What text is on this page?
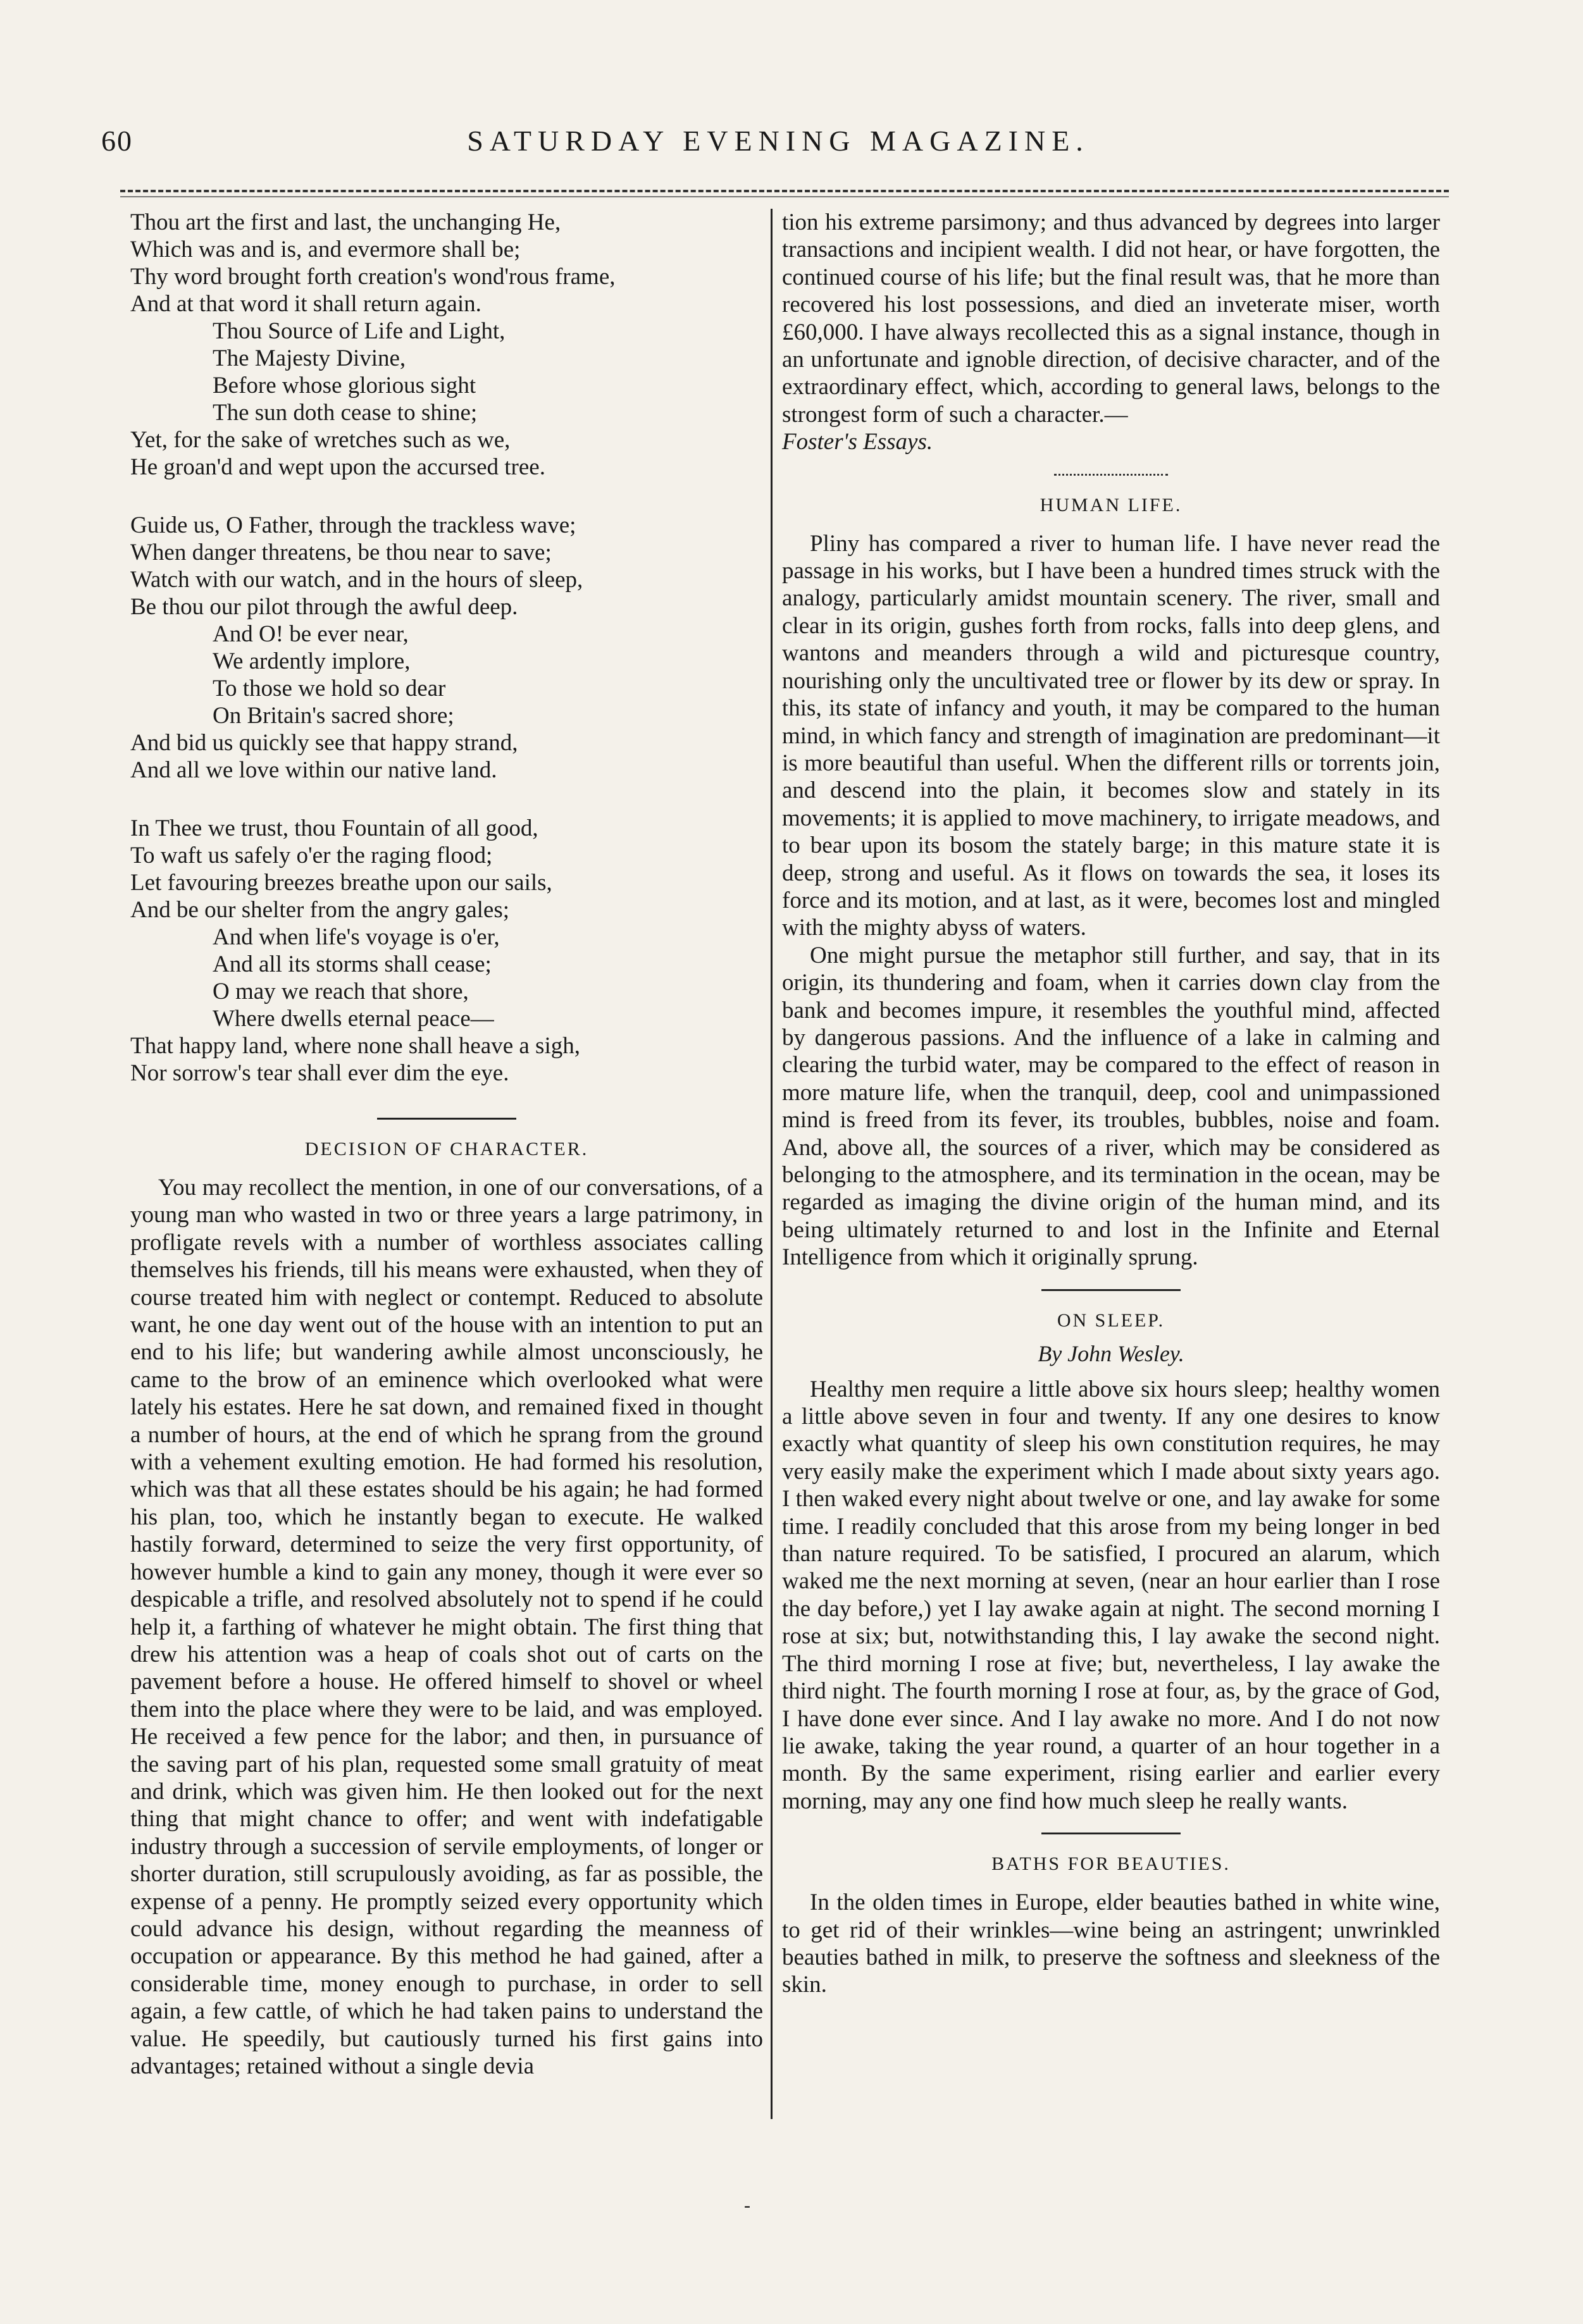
60	SATURDAY EVENING MAGAZINE.
Thou art the first and last, the unchanging He,
Which was and is, and evermore shall be;
Thy word brought forth creation's wond'rous frame,
And at that word it shall return again.
Thou Source of Life and Light,
The Majesty Divine,
Before whose glorious sight
The sun doth cease to shine;
Yet, for the sake of wretches such as we,
He groan'd and wept upon the accursed tree.
Guide us, O Father, through the trackless wave;
When danger threatens, be thou near to save;
Watch with our watch, and in the hours of sleep,
Be thou our pilot through the awful deep.
And O! be ever near,
We ardently implore,
To those we hold so dear
On Britain's sacred shore;
And bid us quickly see that happy strand,
And all we love within our native land.
In Thee we trust, thou Fountain of all good,
To waft us safely o'er the raging flood;
Let favouring breezes breathe upon our sails,
And be our shelter from the angry gales;
And when life's voyage is o'er,
And all its storms shall cease;
O may we reach that shore,
Where dwells eternal peace—
That happy land, where none shall heave a sigh,
Nor sorrow's tear shall ever dim the eye.
DECISION OF CHARACTER.

You may recollect the mention, in one of our conversations, of a young man who wasted in two or three years a large patrimony, in profligate revels with a number of worthless associates calling themselves his friends, till his means were exhausted, when they of course treated him with neglect or contempt. Reduced to absolute want, he one day went out of the house with an intention to put an end to his life; but wandering awhile almost unconsciously, he came to the brow of an eminence which overlooked what were lately his estates. Here he sat down, and remained fixed in thought a number of hours, at the end of which he sprang from the ground with a vehement exulting emotion. He had formed his resolution, which was that all these estates should be his again; he had formed his plan, too, which he instantly began to execute. He walked hastily forward, determined to seize the very first opportunity, of however humble a kind to gain any money, though it were ever so despicable a trifle, and resolved absolutely not to spend if he could help it, a farthing of whatever he might obtain. The first thing that drew his attention was a heap of coals shot out of carts on the pavement before a house. He offered himself to shovel or wheel them into the place where they were to be laid, and was employed. He received a few pence for the labor; and then, in pursuance of the saving part of his plan, requested some small gratuity of meat and drink, which was given him. He then looked out for the next thing that might chance to offer; and went with indefatigable industry through a succession of servile employments, of longer or shorter duration, still scrupulously avoiding, as far as possible, the expense of a penny. He promptly seized every opportunity which could advance his design, without regarding the meanness of occupation or appearance. By this method he had gained, after a considerable time, money enough to purchase, in order to sell again, a few cattle, of which he had taken pains to understand the value. He speedily, but cautiously turned his first gains into advantages; retained without a single devia

tion his extreme parsimony; and thus advanced by degrees into larger transactions and incipient wealth. I did not hear, or have forgotten, the continued course of his life; but the final result was, that he more than recovered his lost possessions, and died an inveterate miser, worth £60,000. I have always recollected this as a signal instance, though in an unfortunate and ignoble direction, of decisive character, and of the extraordinary effect, which, according to general laws, belongs to the strongest form of such a character.—
Foster's Essays.

HUMAN LIFE.

Pliny has compared a river to human life. I have never read the passage in his works, but I have been a hundred times struck with the analogy, particularly amidst mountain scenery. The river, small and clear in its origin, gushes forth from rocks, falls into deep glens, and wantons and meanders through a wild and picturesque country, nourishing only the uncultivated tree or flower by its dew or spray. In this, its state of infancy and youth, it may be compared to the human mind, in which fancy and strength of imagination are predominant—it is more beautiful than useful. When the different rills or torrents join, and descend into the plain, it becomes slow and stately in its movements; it is applied to move machinery, to irrigate meadows, and to bear upon its bosom the stately barge; in this mature state it is deep, strong and useful. As it flows on towards the sea, it loses its force and its motion, and at last, as it were, becomes lost and mingled with the mighty abyss of waters.

One might pursue the metaphor still further, and say, that in its origin, its thundering and foam, when it carries down clay from the bank and becomes impure, it resembles the youthful mind, affected by dangerous passions. And the influence of a lake in calming and clearing the turbid water, may be compared to the effect of reason in more mature life, when the tranquil, deep, cool and unimpassioned mind is freed from its fever, its troubles, bubbles, noise and foam. And, above all, the sources of a river, which may be considered as belonging to the atmosphere, and its termination in the ocean, may be regarded as imaging the divine origin of the human mind, and its being ultimately returned to and lost in the Infinite and Eternal Intelligence from which it originally sprung.

ON SLEEP.
By John Wesley.

Healthy men require a little above six hours sleep; healthy women a little above seven in four and twenty. If any one desires to know exactly what quantity of sleep his own constitution requires, he may very easily make the experiment which I made about sixty years ago. I then waked every night about twelve or one, and lay awake for some time. I readily concluded that this arose from my being longer in bed than nature required. To be satisfied, I procured an alarum, which waked me the next morning at seven, (near an hour earlier than I rose the day before,) yet I lay awake again at night. The second morning I rose at six; but, notwithstanding this, I lay awake the second night. The third morning I rose at five; but, nevertheless, I lay awake the third night. The fourth morning I rose at four, as, by the grace of God, I have done ever since. And I lay awake no more. And I do not now lie awake, taking the year round, a quarter of an hour together in a month. By the same experiment, rising earlier and earlier every morning, may any one find how much sleep he really wants.

BATHS FOR BEAUTIES.

In the olden times in Europe, elder beauties bathed in white wine, to get rid of their wrinkles—wine being an astringent; unwrinkled beauties bathed in milk, to preserve the softness and sleekness of the skin.

-
